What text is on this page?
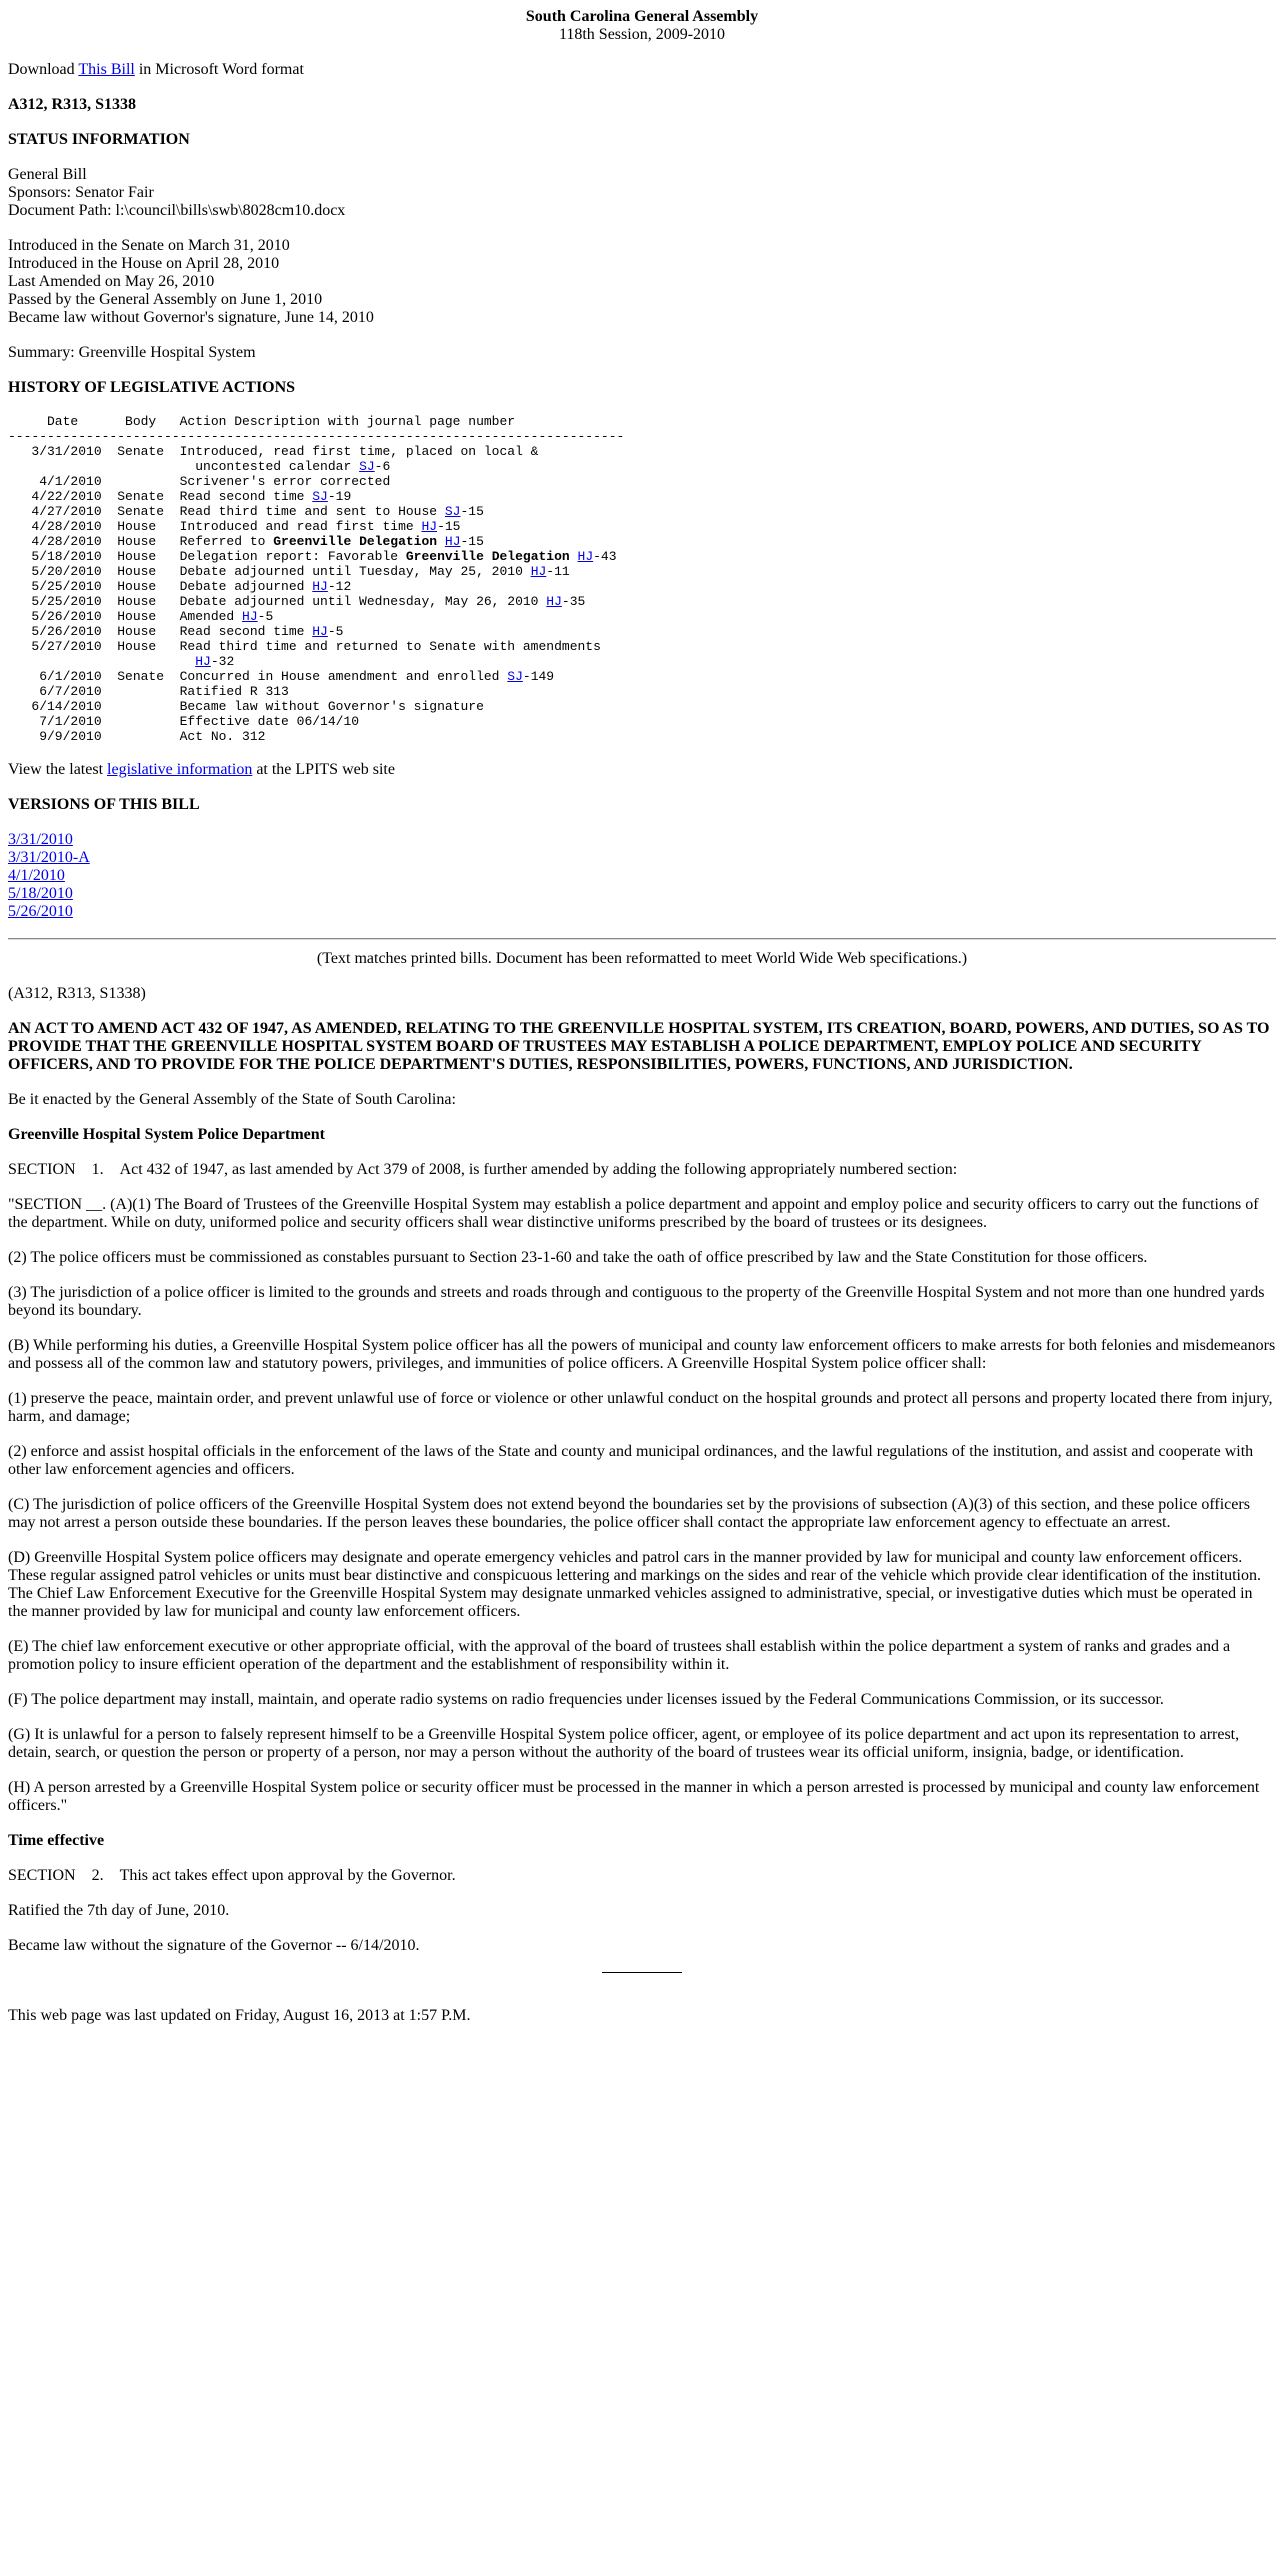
South Carolina General Assembly
118th Session, 2009-2010

Download This Bill in Microsoft Word format

A312, R313, S1338

STATUS INFORMATION

General Bill
Sponsors: Senator Fair
Document Path: l:\council\bills\swb\8028cm10.docx

Introduced in the Senate on March 31, 2010
Introduced in the House on April 28, 2010
Last Amended on May 26, 2010
Passed by the General Assembly on June 1, 2010
Became law without Governor's signature, June 14, 2010

Summary: Greenville Hospital System

HISTORY OF LEGISLATIVE ACTIONS

Date      Body   Action Description with journal page number
-------------------------------------------------------------------------------
3/31/2010  Senate  Introduced, read first time, placed on local &
uncontested calendar SJ-6
4/1/2010          Scrivener's error corrected
4/22/2010  Senate  Read second time SJ-19
4/27/2010  Senate  Read third time and sent to House SJ-15
4/28/2010  House   Introduced and read first time HJ-15
4/28/2010  House   Referred to Greenville Delegation HJ-15
5/18/2010  House   Delegation report: Favorable Greenville Delegation HJ-43
5/20/2010  House   Debate adjourned until Tuesday, May 25, 2010 HJ-11
5/25/2010  House   Debate adjourned HJ-12
5/25/2010  House   Debate adjourned until Wednesday, May 26, 2010 HJ-35
5/26/2010  House   Amended HJ-5
5/26/2010  House   Read second time HJ-5
5/27/2010  House   Read third time and returned to Senate with amendments
HJ-32
6/1/2010  Senate  Concurred in House amendment and enrolled SJ-149
6/7/2010          Ratified R 313
6/14/2010          Became law without Governor's signature
7/1/2010          Effective date 06/14/10
9/9/2010          Act No. 312

View the latest legislative information at the LPITS web site

VERSIONS OF THIS BILL

3/31/2010
3/31/2010-A
4/1/2010
5/18/2010
5/26/2010

(Text matches printed bills. Document has been reformatted to meet World Wide Web specifications.)

(A312, R313, S1338)

AN ACT TO AMEND ACT 432 OF 1947, AS AMENDED, RELATING TO THE GREENVILLE HOSPITAL SYSTEM, ITS CREATION, BOARD, POWERS, AND DUTIES, SO AS TO PROVIDE THAT THE GREENVILLE HOSPITAL SYSTEM BOARD OF TRUSTEES MAY ESTABLISH A POLICE DEPARTMENT, EMPLOY POLICE AND SECURITY OFFICERS, AND TO PROVIDE FOR THE POLICE DEPARTMENT'S DUTIES, RESPONSIBILITIES, POWERS, FUNCTIONS, AND JURISDICTION.

Be it enacted by the General Assembly of the State of South Carolina:

Greenville Hospital System Police Department

SECTION 1. Act 432 of 1947, as last amended by Act 379 of 2008, is further amended by adding the following appropriately numbered section:

"SECTION __. (A)(1) The Board of Trustees of the Greenville Hospital System may establish a police department and appoint and employ police and security officers to carry out the functions of the department. While on duty, uniformed police and security officers shall wear distinctive uniforms prescribed by the board of trustees or its designees.

(2) The police officers must be commissioned as constables pursuant to Section 23-1-60 and take the oath of office prescribed by law and the State Constitution for those officers.

(3) The jurisdiction of a police officer is limited to the grounds and streets and roads through and contiguous to the property of the Greenville Hospital System and not more than one hundred yards beyond its boundary.

(B) While performing his duties, a Greenville Hospital System police officer has all the powers of municipal and county law enforcement officers to make arrests for both felonies and misdemeanors and possess all of the common law and statutory powers, privileges, and immunities of police officers. A Greenville Hospital System police officer shall:

(1) preserve the peace, maintain order, and prevent unlawful use of force or violence or other unlawful conduct on the hospital grounds and protect all persons and property located there from injury, harm, and damage;

(2) enforce and assist hospital officials in the enforcement of the laws of the State and county and municipal ordinances, and the lawful regulations of the institution, and assist and cooperate with other law enforcement agencies and officers.

(C) The jurisdiction of police officers of the Greenville Hospital System does not extend beyond the boundaries set by the provisions of subsection (A)(3) of this section, and these police officers may not arrest a person outside these boundaries. If the person leaves these boundaries, the police officer shall contact the appropriate law enforcement agency to effectuate an arrest.

(D) Greenville Hospital System police officers may designate and operate emergency vehicles and patrol cars in the manner provided by law for municipal and county law enforcement officers. These regular assigned patrol vehicles or units must bear distinctive and conspicuous lettering and markings on the sides and rear of the vehicle which provide clear identification of the institution. The Chief Law Enforcement Executive for the Greenville Hospital System may designate unmarked vehicles assigned to administrative, special, or investigative duties which must be operated in the manner provided by law for municipal and county law enforcement officers.

(E) The chief law enforcement executive or other appropriate official, with the approval of the board of trustees shall establish within the police department a system of ranks and grades and a promotion policy to insure efficient operation of the department and the establishment of responsibility within it.

(F) The police department may install, maintain, and operate radio systems on radio frequencies under licenses issued by the Federal Communications Commission, or its successor.

(G) It is unlawful for a person to falsely represent himself to be a Greenville Hospital System police officer, agent, or employee of its police department and act upon its representation to arrest, detain, search, or question the person or property of a person, nor may a person without the authority of the board of trustees wear its official uniform, insignia, badge, or identification.

(H) A person arrested by a Greenville Hospital System police or security officer must be processed in the manner in which a person arrested is processed by municipal and county law enforcement officers."

Time effective

SECTION 2. This act takes effect upon approval by the Governor.

Ratified the 7th day of June, 2010.

Became law without the signature of the Governor -- 6/14/2010.

This web page was last updated on Friday, August 16, 2013 at 1:57 P.M.
